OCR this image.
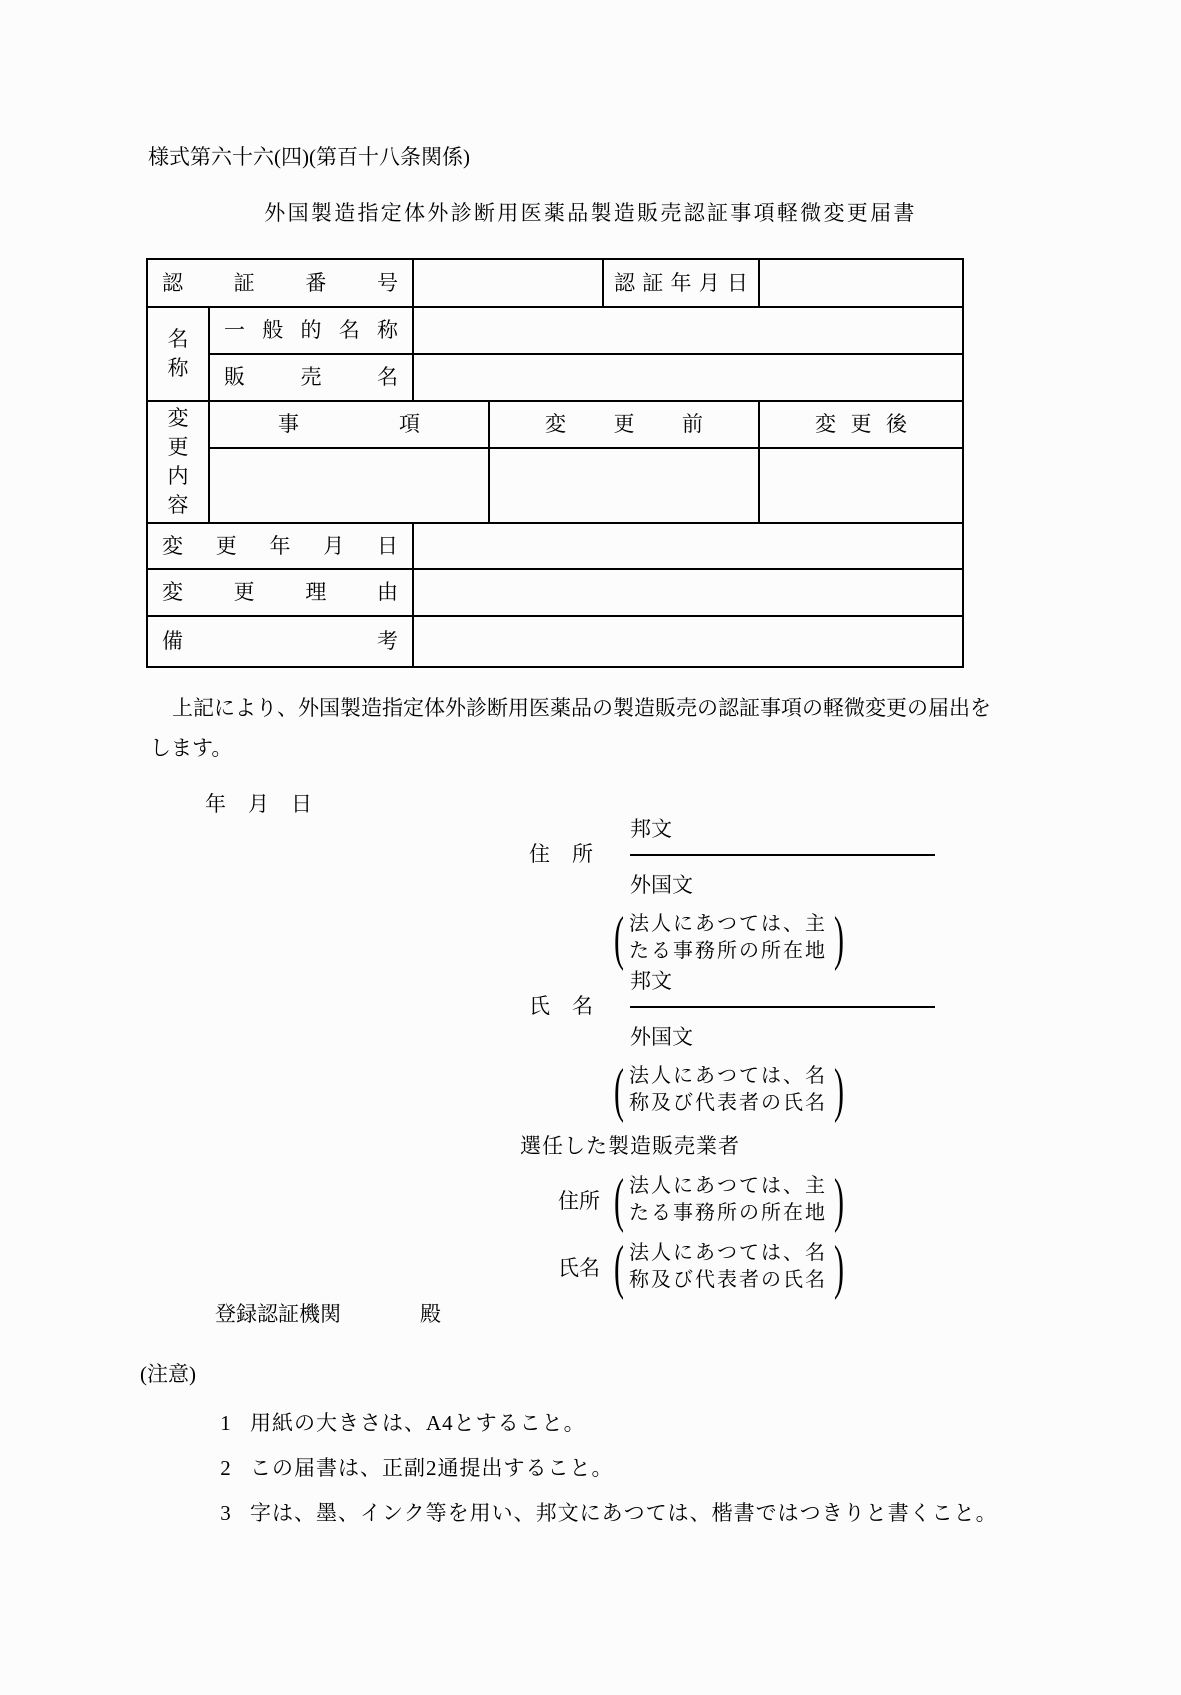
様式第六十六(四)(第百十八条関係)
外国製造指定体外診断用医薬品製造販売認証事項軽微変更届書
認証番号				認証年月日	

名称	一般的名称				

	販売名				

変更内容	事項		変更前		変更後

変更年月日					

変更理由					

備考					

上記により、外国製造指定体外診断用医薬品の製造販売の認証事項の軽微変更の届出を
します。
年月日
邦文
住所
外国文
( 法人にあつては、主
たる事務所の所在地 )
邦文
氏名
外国文
( 法人にあつては、名
称及び代表者の氏名 )
選任した製造販売業者
住所 ( 法人にあつては、主
たる事務所の所在地 )
氏名 ( 法人にあつては、名
称及び代表者の氏名 )
登録認証機関	殿
(注意)
1 用紙の大きさは、A4とすること。
2 この届書は、正副2通提出すること。
3 字は、墨、インク等を用い、邦文にあつては、楷書ではつきりと書くこと。
